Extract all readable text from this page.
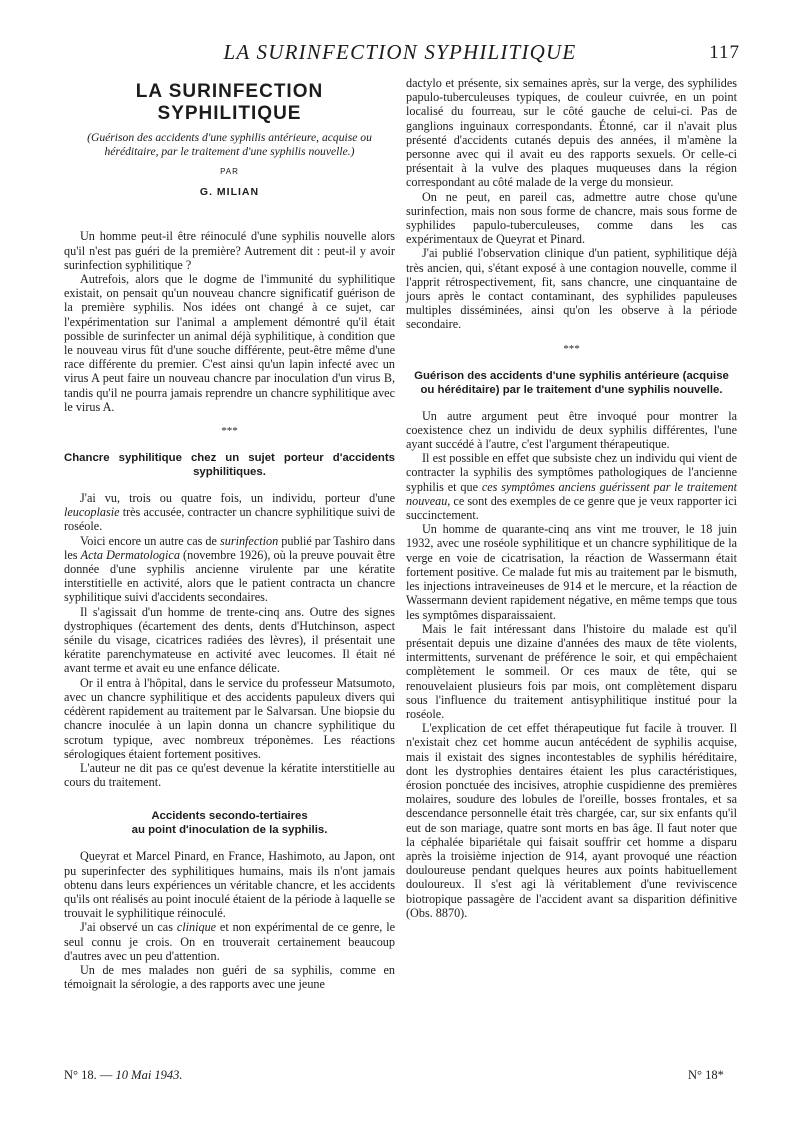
LA SURINFECTION SYPHILITIQUE	117
LA SURINFECTION
SYPHILITIQUE
(Guérison des accidents d'une syphilis antérieure, acquise ou héréditaire, par le traitement d'une syphilis nouvelle.)
PAR
G. MILIAN

Un homme peut-il être réinoculé d'une syphilis nouvelle alors qu'il n'est pas guéri de la première? Autrement dit : peut-il y avoir surinfection syphilitique ?

Autrefois, alors que le dogme de l'immunité du syphilitique existait, on pensait qu'un nouveau chancre significatif guérison de la première syphilis. Nos idées ont changé à ce sujet, car l'expérimentation sur l'animal a amplement démontré qu'il était possible de surinfecter un animal déjà syphilitique, à condition que le nouveau virus fût d'une souche différente, peut-être même d'une race différente du premier. C'est ainsi qu'un lapin infecté avec un virus A peut faire un nouveau chancre par inoculation d'un virus B, tandis qu'il ne pourra jamais reprendre un chancre syphilitique avec le virus A.

***
Chancre syphilitique chez un sujet porteur d'accidents syphilitiques.

J'ai vu, trois ou quatre fois, un individu, porteur d'une leucoplasie très accusée, contracter un chancre syphilitique suivi de roséole.

Voici encore un autre cas de surinfection publié par Tashiro dans les Acta Dermatologica (novembre 1926), où la preuve pouvait être donnée d'une syphilis ancienne virulente par une kératite interstitielle en activité, alors que le patient contracta un chancre syphilitique suivi d'accidents secondaires.

Il s'agissait d'un homme de trente-cinq ans. Outre des signes dystrophiques (écartement des dents, dents d'Hutchinson, aspect sénile du visage, cicatrices radiées des lèvres), il présentait une kératite parenchymateuse en activité avec leucomes. Il était né avant terme et avait eu une enfance délicate.

Or il entra à l'hôpital, dans le service du professeur Matsumoto, avec un chancre syphilitique et des accidents papuleux divers qui cédèrent rapidement au traitement par le Salvarsan. Une biopsie du chancre inoculée à un lapin donna un chancre syphilitique du scrotum typique, avec nombreux tréponèmes. Les réactions sérologiques étaient fortement positives.

L'auteur ne dit pas ce qu'est devenue la kératite interstitielle au cours du traitement.

Accidents secondo-tertiaires
au point d'inoculation de la syphilis.

Queyrat et Marcel Pinard, en France, Hashimoto, au Japon, ont pu superinfecter des syphilitiques humains, mais ils n'ont jamais obtenu dans leurs expériences un véritable chancre, et les accidents qu'ils ont réalisés au point inoculé étaient de la période à laquelle se trouvait le syphilitique réinoculé.

J'ai observé un cas clinique et non expérimental de ce genre, le seul connu je crois. On en trouverait certainement beaucoup d'autres avec un peu d'attention.

Un de mes malades non guéri de sa syphilis, comme en témoignait la sérologie, a des rapports avec une jeune

dactylo et présente, six semaines après, sur la verge, des syphilides papulo-tuberculeuses typiques, de couleur cuivrée, en un point localisé du fourreau, sur le côté gauche de celui-ci. Pas de ganglions inguinaux correspondants. Étonné, car il n'avait plus présenté d'accidents cutanés depuis des années, il m'amène la personne avec qui il avait eu des rapports sexuels. Or celle-ci présentait à la vulve des plaques muqueuses dans la région correspondant au côté malade de la verge du monsieur.

On ne peut, en pareil cas, admettre autre chose qu'une surinfection, mais non sous forme de chancre, mais sous forme de syphilides papulo-tuberculeuses, comme dans les cas expérimentaux de Queyrat et Pinard.

J'ai publié l'observation clinique d'un patient, syphilitique déjà très ancien, qui, s'étant exposé à une contagion nouvelle, comme il l'apprit rétrospectivement, fit, sans chancre, une cinquantaine de jours après le contact contaminant, des syphilides papuleuses multiples disséminées, ainsi qu'on les observe à la période secondaire.

***
Guérison des accidents d'une syphilis antérieure (acquise ou héréditaire) par le traitement d'une syphilis nouvelle.

Un autre argument peut être invoqué pour montrer la coexistence chez un individu de deux syphilis différentes, l'une ayant succédé à l'autre, c'est l'argument thérapeutique.

Il est possible en effet que subsiste chez un individu qui vient de contracter la syphilis des symptômes pathologiques de l'ancienne syphilis et que ces symptômes anciens guérissent par le traitement nouveau, ce sont des exemples de ce genre que je veux rapporter ici succinctement.

Un homme de quarante-cinq ans vint me trouver, le 18 juin 1932, avec une roséole syphilitique et un chancre syphilitique de la verge en voie de cicatrisation, la réaction de Wassermann était fortement positive. Ce malade fut mis au traitement par le bismuth, les injections intraveineuses de 914 et le mercure, et la réaction de Wassermann devient rapidement négative, en même temps que tous les symptômes disparaissaient.

Mais le fait intéressant dans l'histoire du malade est qu'il présentait depuis une dizaine d'années des maux de tête violents, intermittents, survenant de préférence le soir, et qui empêchaient complètement le sommeil. Or ces maux de tête, qui se renouvelaient plusieurs fois par mois, ont complètement disparu sous l'influence du traitement antisyphilitique institué pour la roséole.

L'explication de cet effet thérapeutique fut facile à trouver. Il n'existait chez cet homme aucun antécédent de syphilis acquise, mais il existait des signes incontestables de syphilis héréditaire, dont les dystrophies dentaires étaient les plus caractéristiques, érosion ponctuée des incisives, atrophie cuspidienne des premières molaires, soudure des lobules de l'oreille, bosses frontales, et sa descendance personnelle était très chargée, car, sur six enfants qu'il eut de son mariage, quatre sont morts en bas âge. Il faut noter que la céphalée bipariétale qui faisait souffrir cet homme a disparu après la troisième injection de 914, ayant provoqué une réaction douloureuse pendant quelques heures aux points habituellement douloureux. Il s'est agi là véritablement d'une reviviscence biotropique passagère de l'accident avant sa disparition définitive (Obs. 8870).

N° 18. — 10 Mai 1943.	N° 18*
